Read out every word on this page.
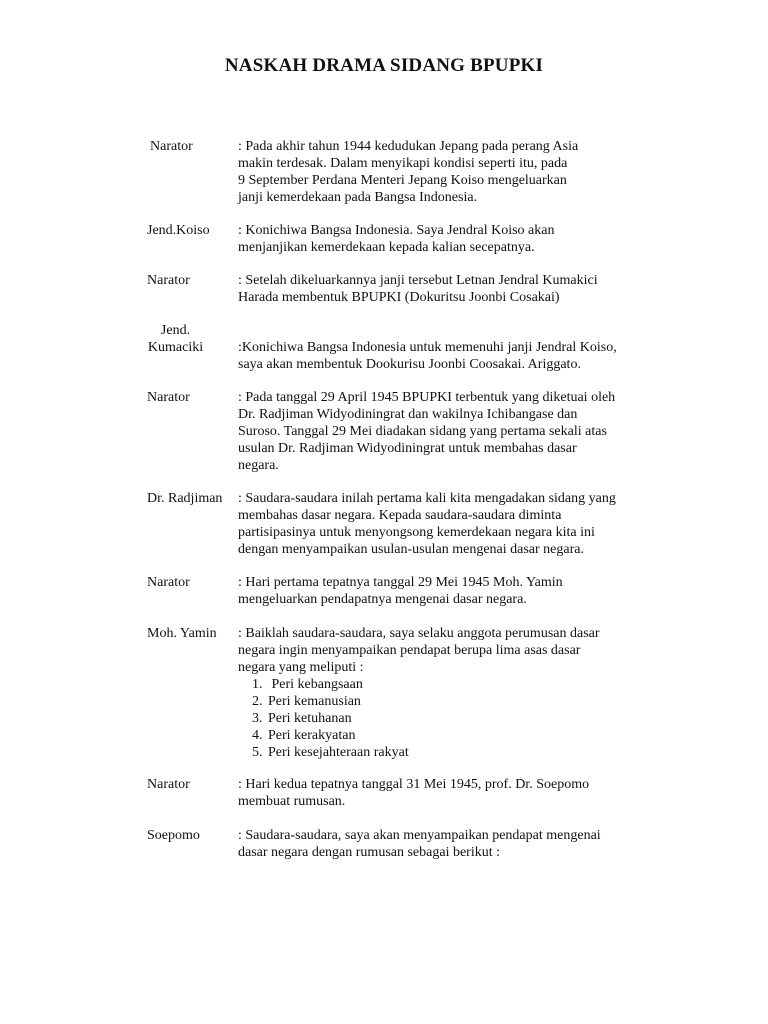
NASKAH DRAMA SIDANG BPUPKI
Narator	: Pada akhir tahun 1944 kedudukan Jepang pada perang Asia
makin terdesak. Dalam menyikapi kondisi seperti itu, pada
9 September Perdana Menteri Jepang Koiso mengeluarkan
janji kemerdekaan pada Bangsa Indonesia.
Jend.Koiso : Konichiwa Bangsa Indonesia. Saya Jendral Koiso akan
menjanjikan kemerdekaan kepada kalian secepatnya.
Narator	: Setelah dikeluarkannya janji tersebut Letnan Jendral Kumakici
Harada membentuk BPUPKI (Dokuritsu Joonbi Cosakai)
Jend.
Kumaciki	:Konichiwa Bangsa Indonesia untuk memenuhi janji Jendral Koiso,
saya akan membentuk Dookurisu Joonbi Coosakai. Ariggato.
Narator	: Pada tanggal 29 April 1945 BPUPKI terbentuk yang diketuai oleh
Dr. Radjiman Widyodiningrat dan wakilnya Ichibangase dan
Suroso. Tanggal 29 Mei diadakan sidang yang pertama sekali atas
usulan Dr. Radjiman Widyodiningrat untuk membahas dasar
negara.
Dr. Radjiman : Saudara-saudara inilah pertama kali kita mengadakan sidang yang
membahas dasar negara. Kepada saudara-saudara diminta
partisipasinya untuk menyongsong kemerdekaan negara kita ini
dengan menyampaikan usulan-usulan mengenai dasar negara.
Narator	: Hari pertama tepatnya tanggal 29 Mei 1945 Moh. Yamin
mengeluarkan pendapatnya mengenai dasar negara.
Moh. Yamin : Baiklah saudara-saudara, saya selaku anggota perumusan dasar
negara ingin menyampaikan pendapat berupa lima asas dasar
negara yang meliputi :
1. Peri kebangsaan
2. Peri kemanusian
3. Peri ketuhanan
4. Peri kerakyatan
5. Peri kesejahteraan rakyat
Narator	: Hari kedua tepatnya tanggal 31 Mei 1945, prof. Dr. Soepomo
membuat rumusan.
Soepomo	: Saudara-saudara, saya akan menyampaikan pendapat mengenai
dasar negara dengan rumusan sebagai berikut :
